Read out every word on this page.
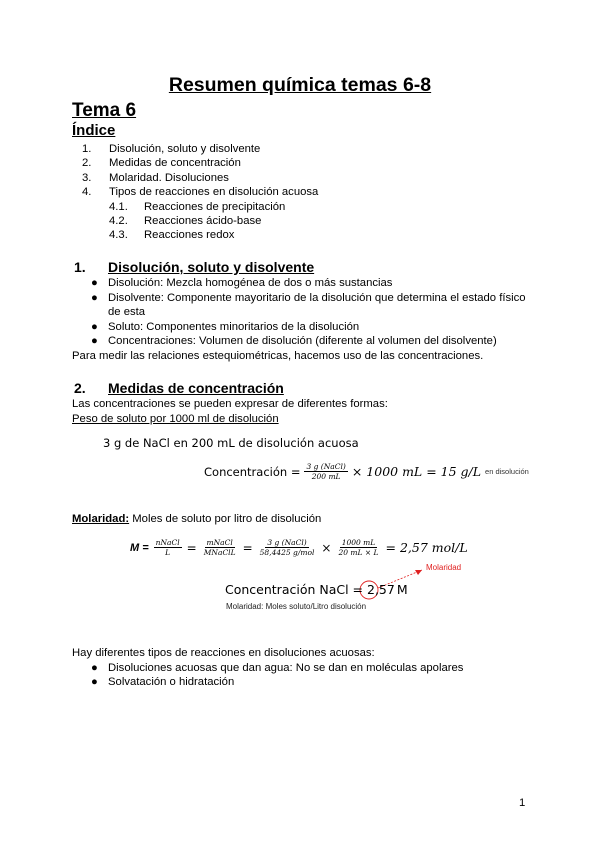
Resumen química temas 6-8
Tema 6
Índice
1. Disolución, soluto y disolvente
2. Medidas de concentración
3. Molaridad. Disoluciones
4. Tipos de reacciones en disolución acuosa
4.1. Reacciones de precipitación
4.2. Reacciones ácido-base
4.3. Reacciones redox
1. Disolución, soluto y disolvente
● Disolución: Mezcla homogénea de dos o más sustancias
● Disolvente: Componente mayoritario de la disolución que determina el estado físico
de esta
● Soluto: Componentes minoritarios de la disolución
● Concentraciones: Volumen de disolución (diferente al volumen del disolvente)
Para medir las relaciones estequiométricas, hacemos uso de las concentraciones.
2. Medidas de concentración
Las concentraciones se pueden expresar de diferentes formas:
Peso de soluto por 1000 ml de disolución
3 g de NaCl en 200 mL de disolución acuosa
Concentración = $\frac{\text{3 g (NaCl)}}{200 mL} \times 1000$ mL = 15 g/L en disolución
Molaridad: Moles de soluto por litro de disolución
$M = \frac{\text{nNaCl}}{L} = \frac{\text{mNaCl}}{\text{MNaClL}} = \frac{\text{3 g (NaCl)}}{\text{58,4425 g/mol}} \times \frac{1000 mL}{20 mL \times L} = 2,57$ mol/L
Molaridad
Concentración NaCl = 2,57 M
Molaridad: Moles soluto/Litro disolución
Hay diferentes tipos de reacciones en disoluciones acuosas:
● Disoluciones acuosas que dan agua: No se dan en moléculas apolares
● Solvatación o hidratación
1
